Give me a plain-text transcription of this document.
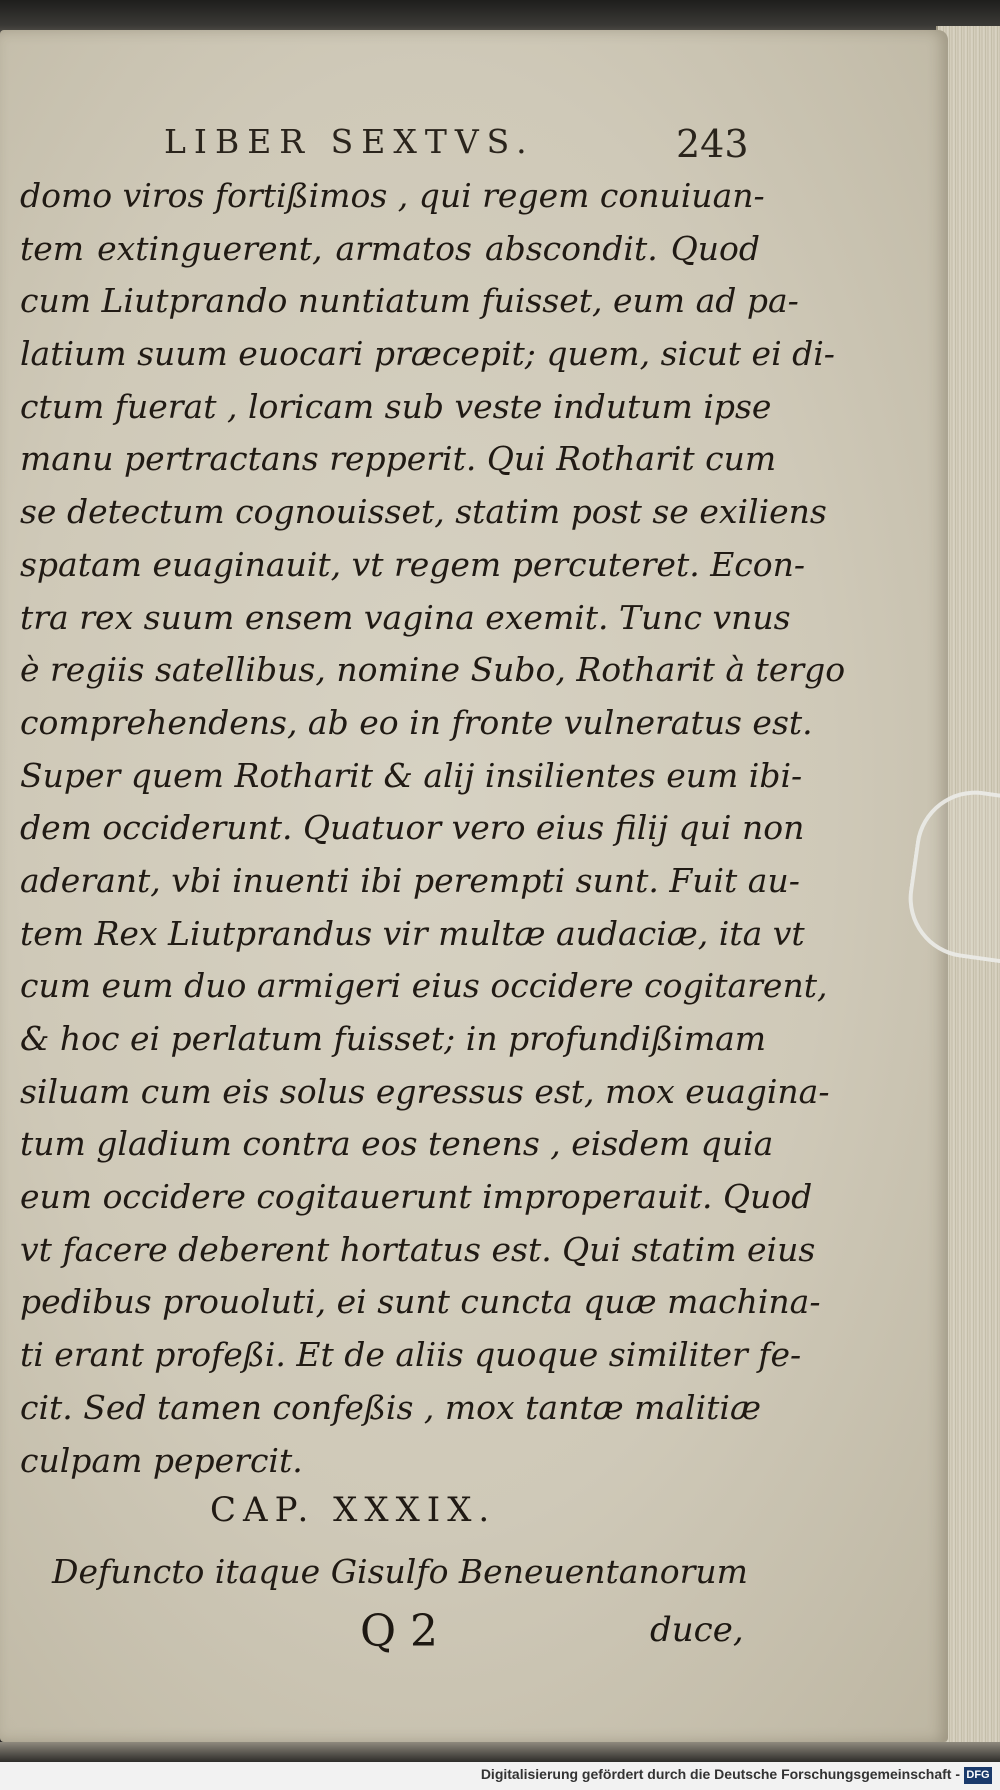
LIBER SEXTVS.	243
domo viros fortißimos , qui regem conuiuan-
tem extinguerent, armatos abscondit. Quod
cum Liutprando nuntiatum fuisset, eum ad pa-
latium suum euocari præcepit; quem, sicut ei di-
ctum fuerat , loricam sub veste indutum ipse
manu pertractans repperit. Qui Rotharit cum
se detectum cognouisset, statim post se exiliens
spatam euaginauit, vt regem percuteret. Econ-
tra rex suum ensem vagina exemit. Tunc vnus
è regiis satellibus, nomine Subo, Rotharit à tergo
comprehendens, ab eo in fronte vulneratus est.
Super quem Rotharit & alij insilientes eum ibi-
dem occiderunt. Quatuor vero eius filij qui non
aderant, vbi inuenti ibi perempti sunt. Fuit au-
tem Rex Liutprandus vir multæ audaciæ, ita vt
cum eum duo armigeri eius occidere cogitarent,
& hoc ei perlatum fuisset; in profundißimam
siluam cum eis solus egressus est, mox euagina-
tum gladium contra eos tenens , eisdem quia
eum occidere cogitauerunt improperauit. Quod
vt facere deberent hortatus est. Qui statim eius
pedibus prouoluti, ei sunt cuncta quæ machina-
ti erant profeßi. Et de aliis quoque similiter fe-
cit. Sed tamen confeßis , mox tantæ malitiæ
culpam pepercit.
CAP. XXXIX.
Defuncto itaque Gisulfo Beneuentanorum
Q 2	duce,
Digitalisierung gefördert durch die Deutsche Forschungsgemeinschaft - DFG
